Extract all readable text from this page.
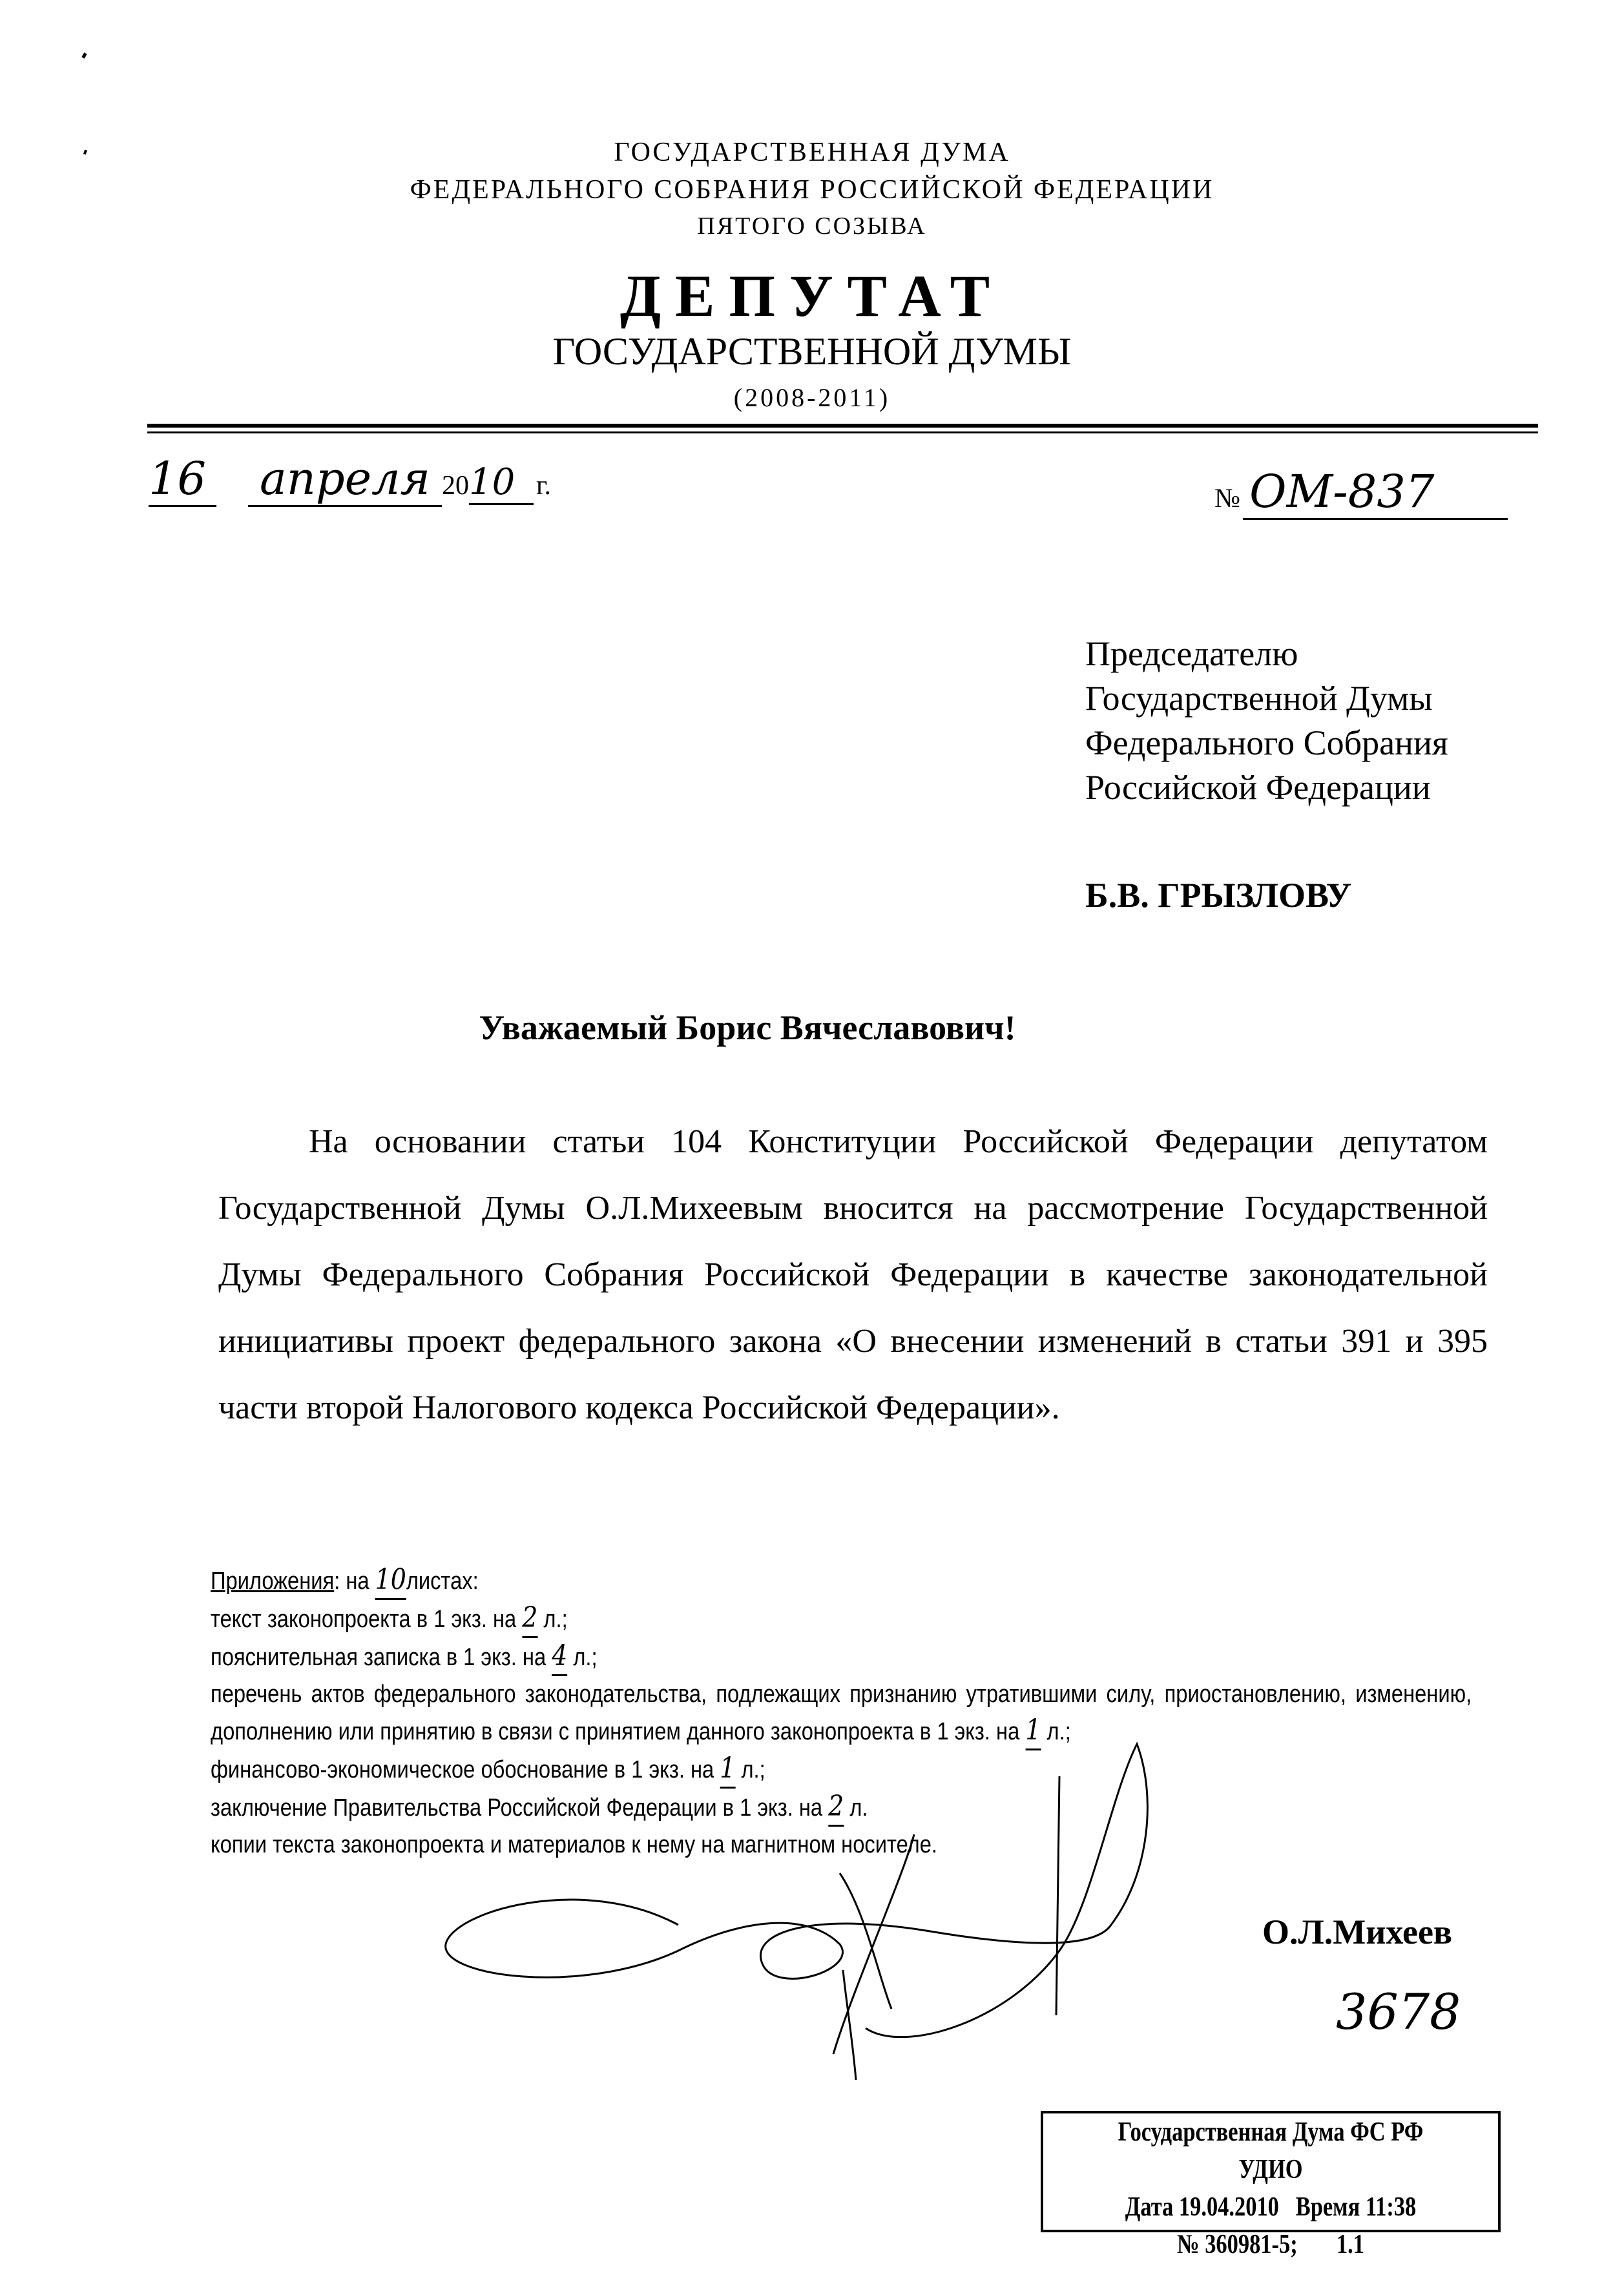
ГОСУДАРСТВЕННАЯ ДУМА
ФЕДЕРАЛЬНОГО СОБРАНИЯ РОССИЙСКОЙ ФЕДЕРАЦИИ
ПЯТОГО СОЗЫВА
ДЕПУТАТ
ГОСУДАРСТВЕННОЙ ДУМЫ
(2008-2011)
16 апреля 2010 г.	№ ОМ-837
Председателю
Государственной Думы
Федерального Собрания
Российской Федерации
Б.В. ГРЫЗЛОВУ
Уважаемый Борис Вячеславович!

На основании статьи 104 Конституции Российской Федерации депутатом Государственной Думы О.Л.Михеевым вносится на рассмотрение Государственной Думы Федерального Собрания Российской Федерации в качестве законодательной инициативы проект федерального закона «О внесении изменений в статьи 391 и 395 части второй Налогового кодекса Российской Федерации».

Приложения: на 10листах:
текст законопроекта в 1 экз. на 2 л.;
пояснительная записка в 1 экз. на 4 л.;
перечень актов федерального законодательства, подлежащих признанию утратившими силу, приостановлению, изменению, дополнению или принятию в связи с принятием данного законопроекта в 1 экз. на 1 л.;
финансово-экономическое обоснование в 1 экз. на 1 л.;
заключение Правительства Российской Федерации в 1 экз. на 2 л.
копии текста законопроекта и материалов к нему на магнитном носителе.
О.Л.Михеев
3678
Государственная Дума ФС РФ УДИО
Дата 19.04.2010   Время 11:38
№ 360981-5;       1.1
